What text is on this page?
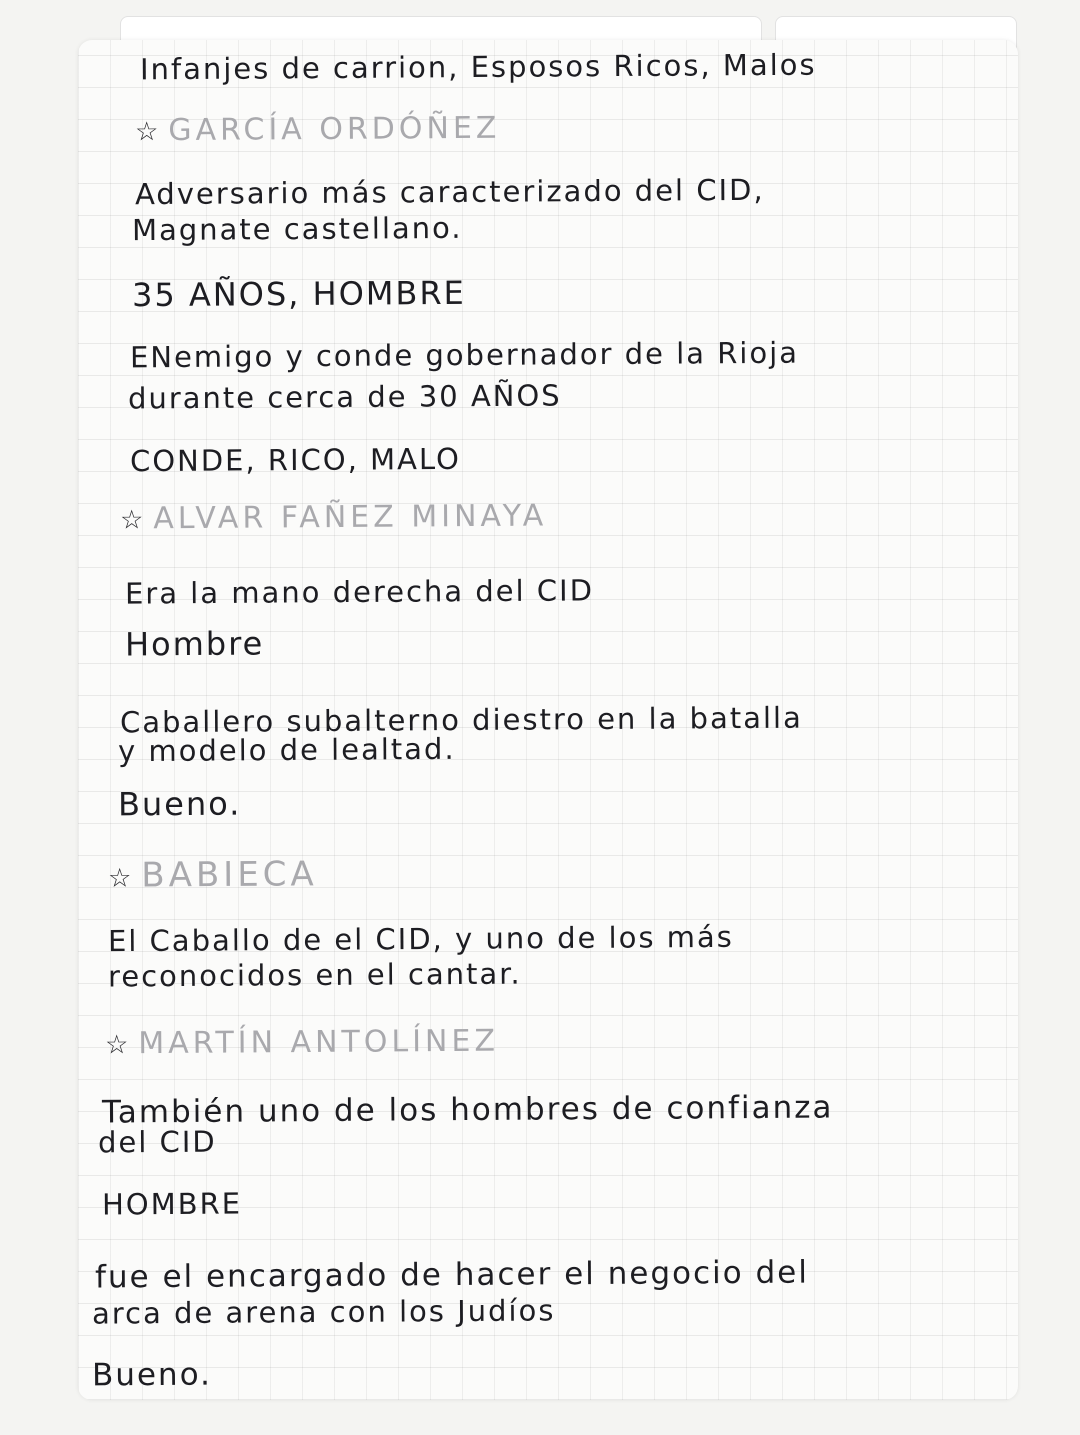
Infanjes de carrion, Esposos Ricos, Malos
☆ GARCÍA ORDÓÑEZ
Adversario más caracterizado del CID,
Magnate castellano.
35 AÑOS, HOMBRE
ENemigo y conde gobernador de la Rioja
durante cerca de 30 AÑOS
CONDE, RICO, MALO
☆ ALVAR FAÑEZ MINAYA
Era la mano derecha del CID
Hombre
Caballero subalterno diestro en la batalla
y modelo de lealtad.
Bueno.
☆ BABIECA
El Caballo de el CID, y uno de los más
reconocidos en el cantar.
☆ MARTÍN ANTOLÍNEZ
También uno de los hombres de confianza
del CID
HOMBRE
fue el encargado de hacer el negocio del
arca de arena con los Judíos
Bueno.
